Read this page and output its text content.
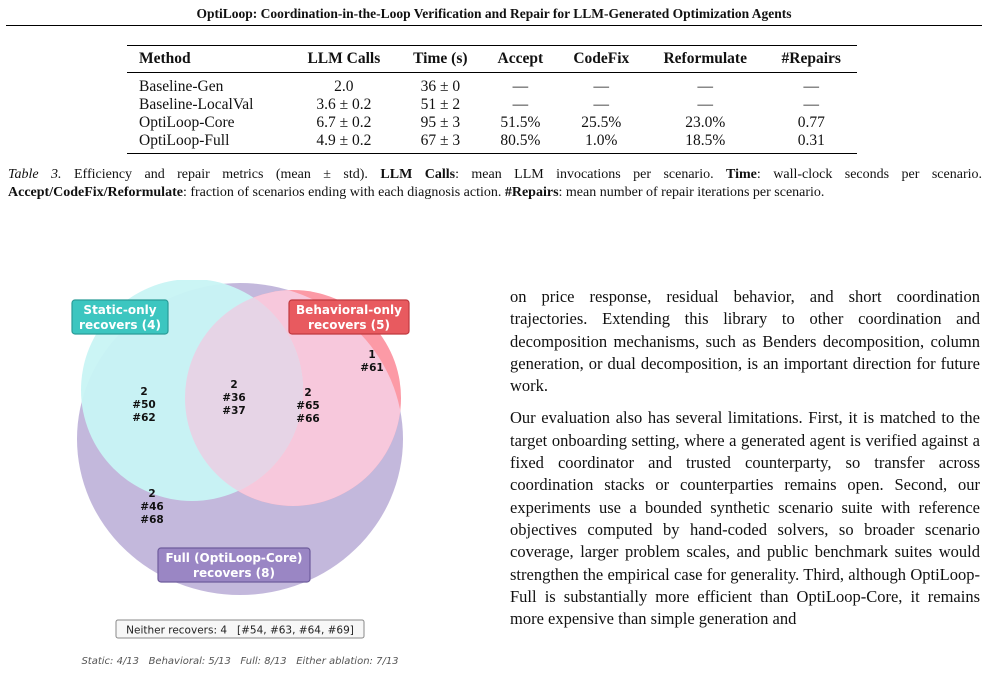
OptiLoop: Coordination-in-the-Loop Verification and Repair for LLM-Generated Optimization Agents
Method	LLM Calls	Time (s)	Accept	CodeFix	Reformulate	#Repairs
Baseline-Gen	2.0	36 ± 0	—	—	—	—
Baseline-LocalVal	3.6 ± 0.2	51 ± 2	—	—	—	—
OptiLoop-Core	6.7 ± 0.2	95 ± 3	51.5%	25.5%	23.0%	0.77
OptiLoop-Full	4.9 ± 0.2	67 ± 3	80.5%	1.0%	18.5%	0.31
Table 3. Efficiency and repair metrics (mean ± std). LLM Calls: mean LLM invocations per scenario. Time: wall-clock seconds per scenario. Accept/CodeFix/Reformulate: fraction of scenarios ending with each diagnosis action. #Repairs: mean number of repair iterations per scenario.
Static-only
recovers (4)
Behavioral-only
recovers (5)
Full (OptiLoop-Core)
recovers (8)
1
#61
2
#50
#62
2
#36
#37
2
#65
#66
2
#46
#68
Neither recovers: 4   [#54, #63, #64, #69]
Static: 4/13   Behavioral: 5/13   Full: 8/13   Either ablation: 7/13

on price response, residual behavior, and short coordination trajectories. Extending this library to other coordination and decomposition mechanisms, such as Benders decomposition, column generation, or dual decomposition, is an important direction for future work.

Our evaluation also has several limitations. First, it is matched to the target onboarding setting, where a generated agent is verified against a fixed coordinator and trusted counterparty, so transfer across coordination stacks or counterparties remains open. Second, our experiments use a bounded synthetic scenario suite with reference objectives computed by hand-coded solvers, so broader scenario coverage, larger problem scales, and public benchmark suites would strengthen the empirical case for generality. Third, although OptiLoop-Full is substantially more efficient than OptiLoop-Core, it remains more expensive than simple generation and
